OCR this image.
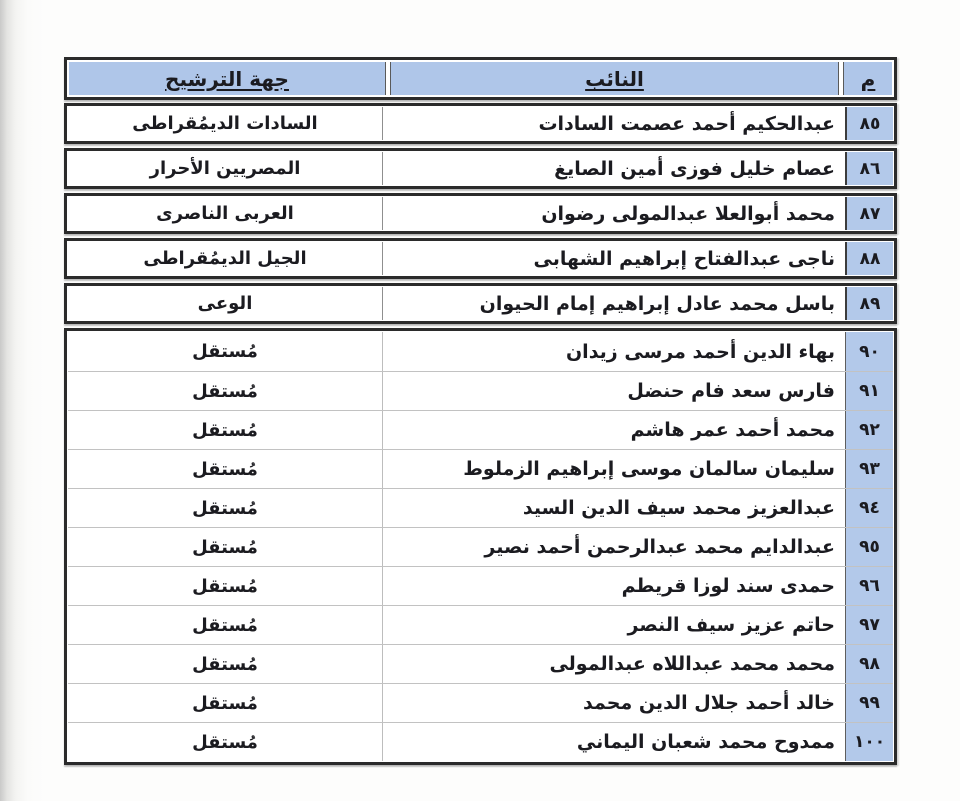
م
النائب
جهة الترشيح
٨٥
عبدالحكيم أحمد عصمت السادات
السادات الديمُقراطى
٨٦
عصام خليل فوزى أمين الصايغ
المصريين الأحرار
٨٧
محمد أبوالعلا عبدالمولى رضوان
العربى الناصرى
٨٨
ناجى عبدالفتاح إبراهيم الشهابى
الجيل الديمُقراطى
٨٩
باسل محمد عادل إبراهيم إمام الحيوان
الوعى
٩٠
بهاء الدين أحمد مرسى زيدان
مُستقل
٩١
فارس سعد فام حنضل
مُستقل
٩٢
محمد أحمد عمر هاشم
مُستقل
٩٣
سليمان سالمان موسى إبراهيم الزملوط
مُستقل
٩٤
عبدالعزيز محمد سيف الدين السيد
مُستقل
٩٥
عبدالدايم محمد عبدالرحمن أحمد نصير
مُستقل
٩٦
حمدى سند لوزا قريطم
مُستقل
٩٧
حاتم عزيز سيف النصر
مُستقل
٩٨
محمد محمد عبداللاه عبدالمولى
مُستقل
٩٩
خالد أحمد جلال الدين محمد
مُستقل
١٠٠
ممدوح محمد شعبان اليماني
مُستقل
